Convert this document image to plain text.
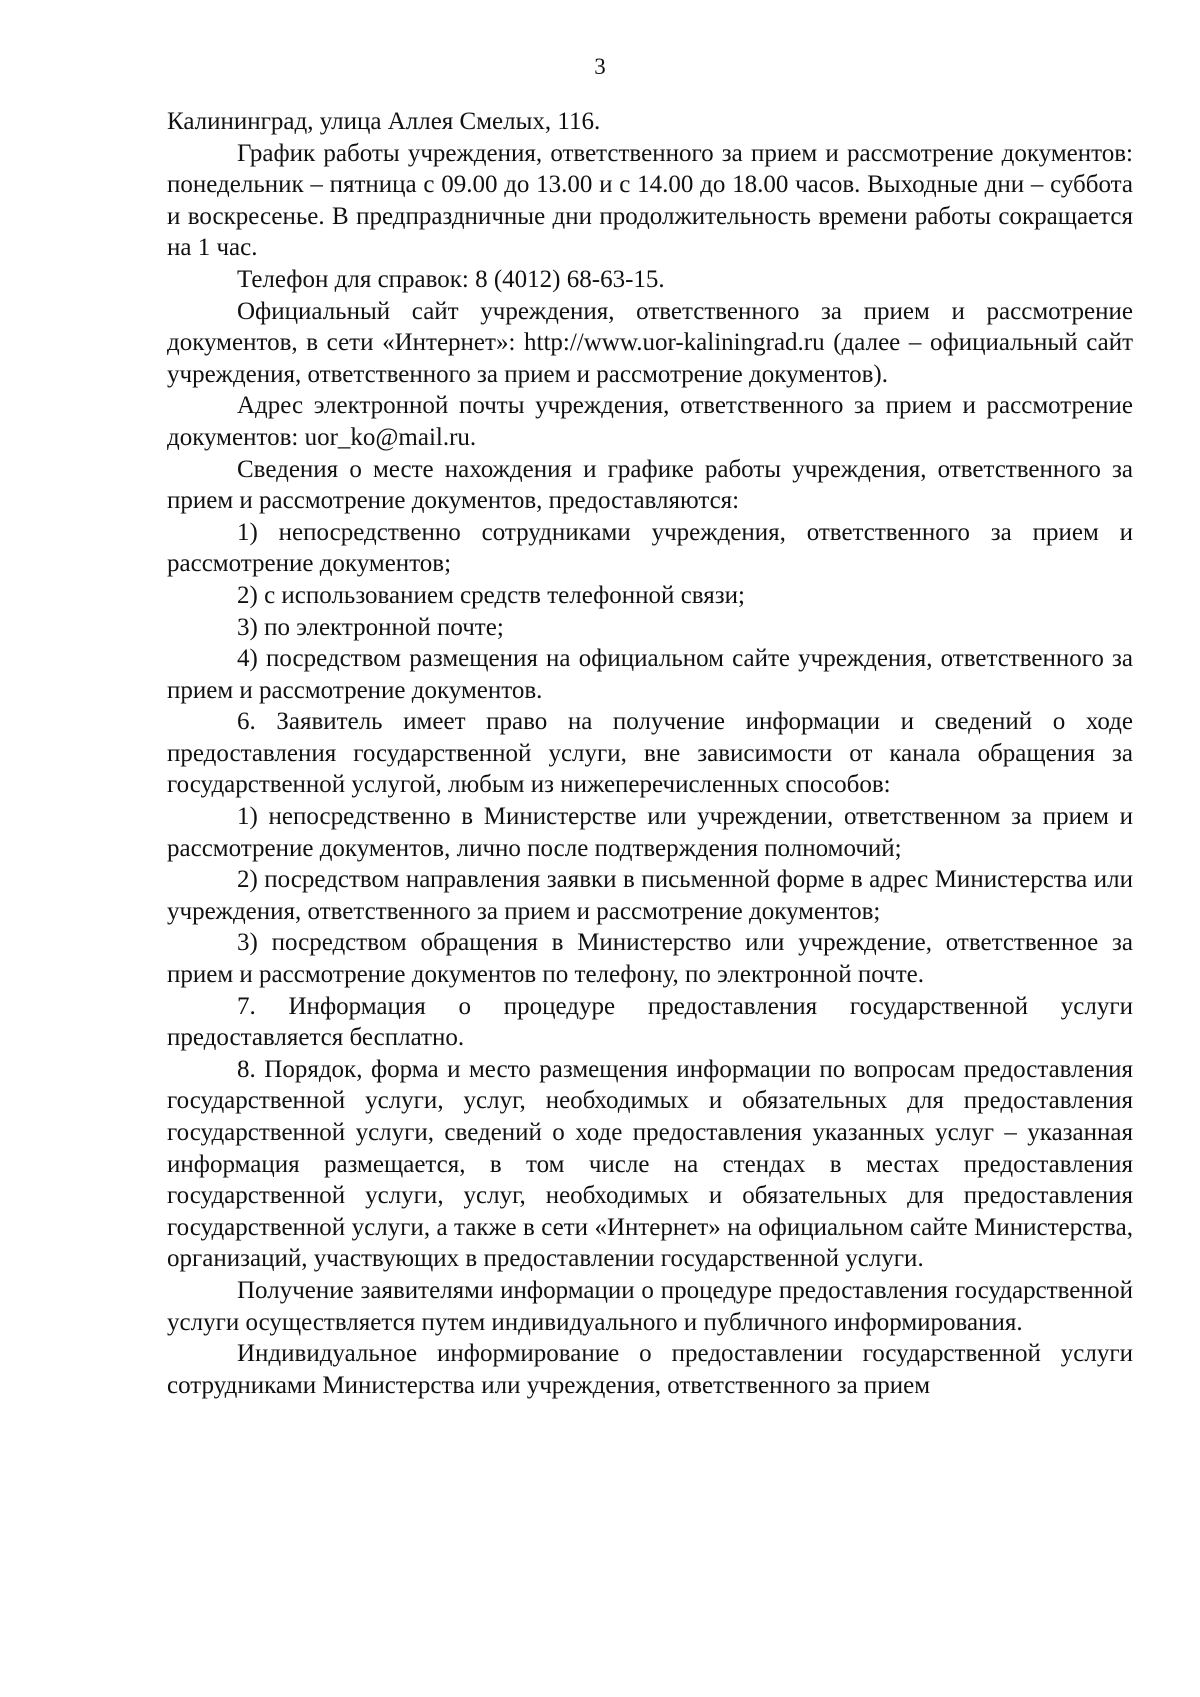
3

Калининград, улица Аллея Смелых, 116.

График работы учреждения, ответственного за прием и рассмотрение документов: понедельник – пятница с 09.00 до 13.00 и с 14.00 до 18.00 часов. Выходные дни – суббота и воскресенье. В предпраздничные дни продолжительность времени работы сокращается на 1 час.

Телефон для справок: 8 (4012) 68-63-15.

Официальный сайт учреждения, ответственного за прием и рассмотрение документов, в сети «Интернет»: http://www.uor-kaliningrad.ru (далее – официальный сайт учреждения, ответственного за прием и рассмотрение документов).

Адрес электронной почты учреждения, ответственного за прием и рассмотрение документов: uor_ko@mail.ru.

Сведения о месте нахождения и графике работы учреждения, ответственного за прием и рассмотрение документов, предоставляются:

1) непосредственно сотрудниками учреждения, ответственного за прием и рассмотрение документов;

2) с использованием средств телефонной связи;

3) по электронной почте;

4) посредством размещения на официальном сайте учреждения, ответственного за прием и рассмотрение документов.

6. Заявитель имеет право на получение информации и сведений о ходе предоставления государственной услуги, вне зависимости от канала обращения за государственной услугой, любым из нижеперечисленных способов:

1) непосредственно в Министерстве или учреждении, ответственном за прием и рассмотрение документов, лично после подтверждения полномочий;

2) посредством направления заявки в письменной форме в адрес Министерства или учреждения, ответственного за прием и рассмотрение документов;

3) посредством обращения в Министерство или учреждение, ответственное за прием и рассмотрение документов по телефону, по электронной почте.

7. Информация о процедуре предоставления государственной услуги предоставляется бесплатно.

8. Порядок, форма и место размещения информации по вопросам предоставления государственной услуги, услуг, необходимых и обязательных для предоставления государственной услуги, сведений о ходе предоставления указанных услуг – указанная информация размещается, в том числе на стендах в местах предоставления государственной услуги, услуг, необходимых и обязательных для предоставления государственной услуги, а также в сети «Интернет» на официальном сайте Министерства, организаций, участвующих в предоставлении государственной услуги.

Получение заявителями информации о процедуре предоставления государственной услуги осуществляется путем индивидуального и публичного информирования.

Индивидуальное информирование о предоставлении государственной услуги сотрудниками Министерства или учреждения, ответственного за прием
